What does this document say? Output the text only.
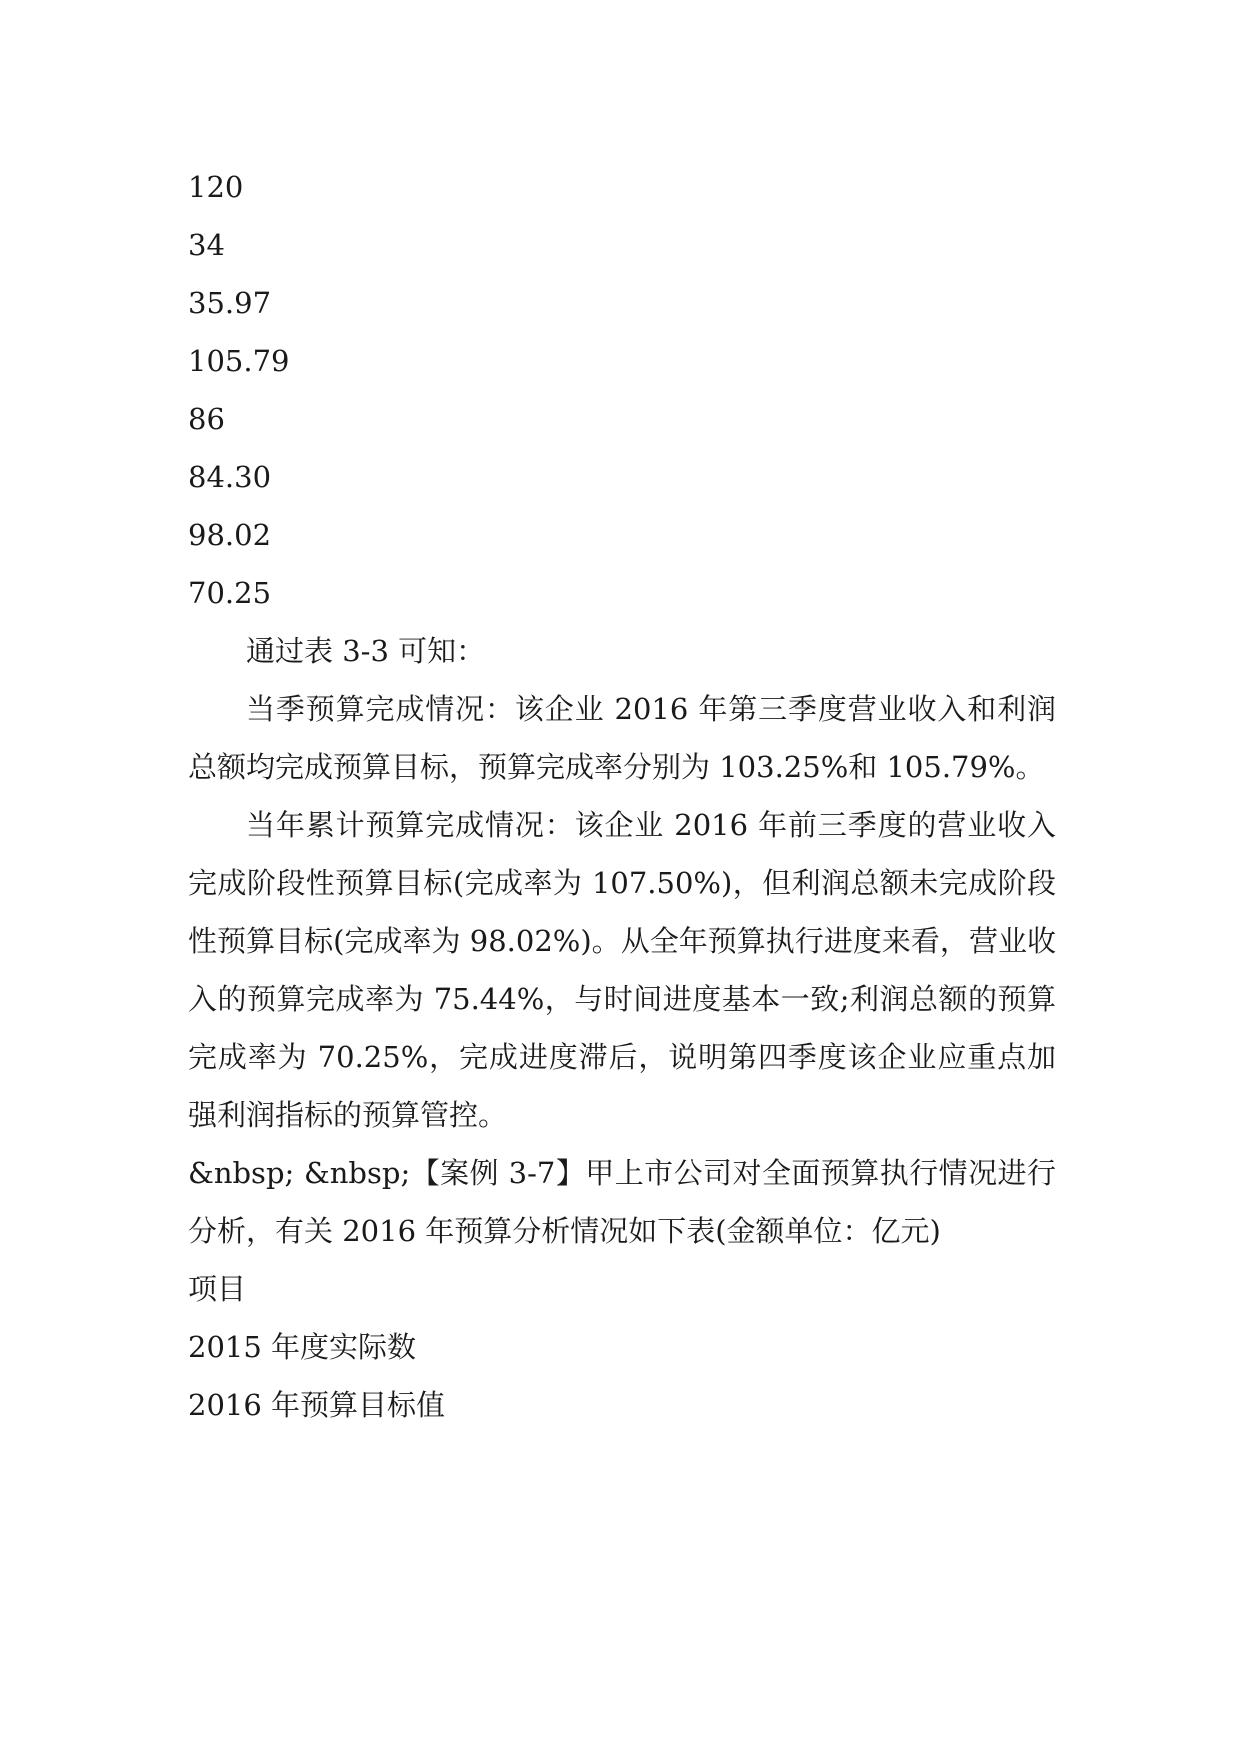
120
34
35.97
105.79
86
84.30
98.02
70.25

通过表 3-3 可知：

当季预算完成情况：该企业 2016 年第三季度营业收入和利润总额均完成预算目标，预算完成率分别为 103.25%和 105.79%。

当年累计预算完成情况：该企业 2016 年前三季度的营业收入完成阶段性预算目标(完成率为 107.50%)，但利润总额未完成阶段性预算目标(完成率为 98.02%)。从全年预算执行进度来看，营业收入的预算完成率为 75.44%，与时间进度基本一致;利润总额的预算完成率为 70.25%，完成进度滞后，说明第四季度该企业应重点加强利润指标的预算管控。

&nbsp; &nbsp;【案例 3-7】甲上市公司对全面预算执行情况进行分析，有关 2016 年预算分析情况如下表(金额单位：亿元)

项目
2015 年度实际数
2016 年预算目标值
